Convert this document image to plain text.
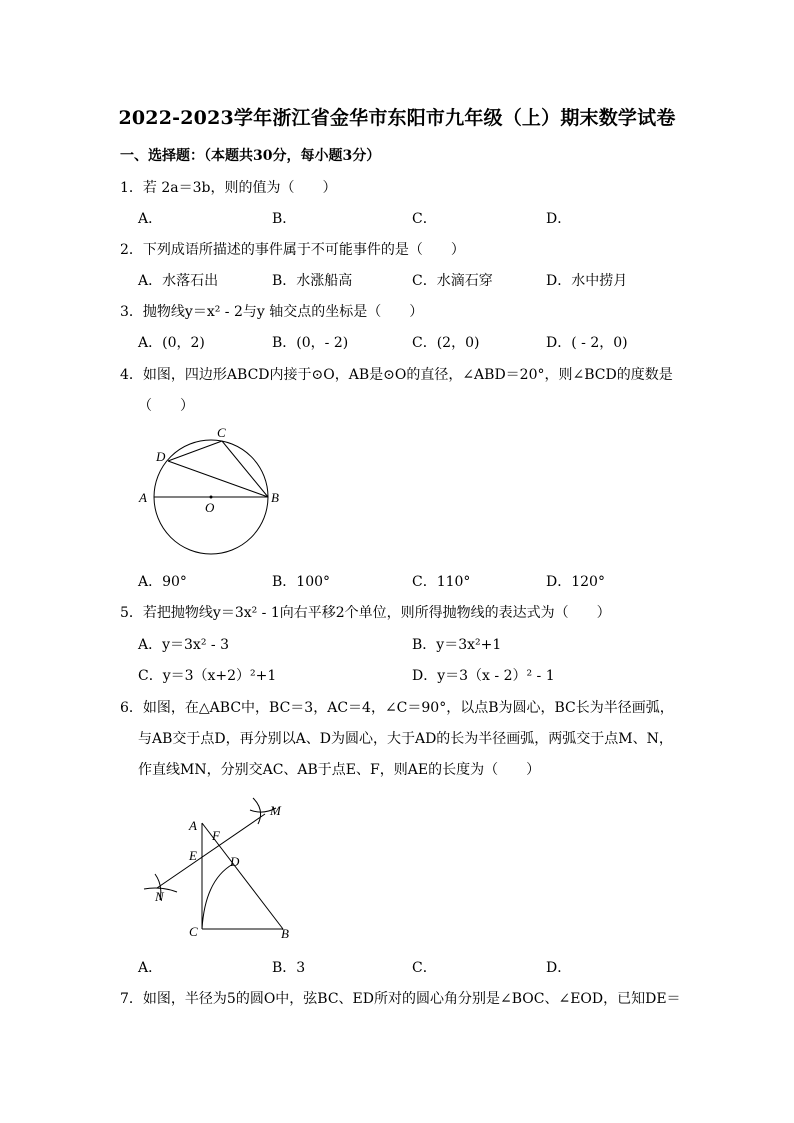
2022-2023学年浙江省金华市东阳市九年级（上）期末数学试卷
一、选择题：（本题共30分，每小题3分）
1．若 2a＝3b，则的值为（　　）
A．	B．	C．	D．
2．下列成语所描述的事件属于不可能事件的是（　　）
A．水落石出	B．水涨船高	C．水滴石穿	D．水中捞月
3．抛物线y＝x² - 2与y 轴交点的坐标是（　　）
A．(0，2)	B．(0，- 2)	C．(2，0)	D．( - 2，0)
4．如图，四边形ABCD内接于⊙O，AB是⊙O的直径，∠ABD＝20°，则∠BCD的度数是
（　　）
A	B
C
D
O
A．90°	B．100°	C．110°	D．120°
5．若把抛物线y＝3x² - 1向右平移2个单位，则所得抛物线的表达式为（　　）
A．y＝3x² - 3	B．y＝3x²+1
C．y＝3（x+2）²+1	D．y＝3（x - 2）² - 1
6．如图，在△ABC中，BC＝3，AC＝4，∠C＝90°，以点B为圆心，BC长为半径画弧，
与AB交于点D，再分别以A、D为圆心，大于AD的长为半径画弧，两弧交于点M、N，
作直线MN，分别交AC、AB于点E、F，则AE的长度为（　　）
A
B
C
D
E
F
M
N
A．	B．3	C．	D．
7．如图，半径为5的圆O中，弦BC、ED所对的圆心角分别是∠BOC、∠EOD，已知DE＝
